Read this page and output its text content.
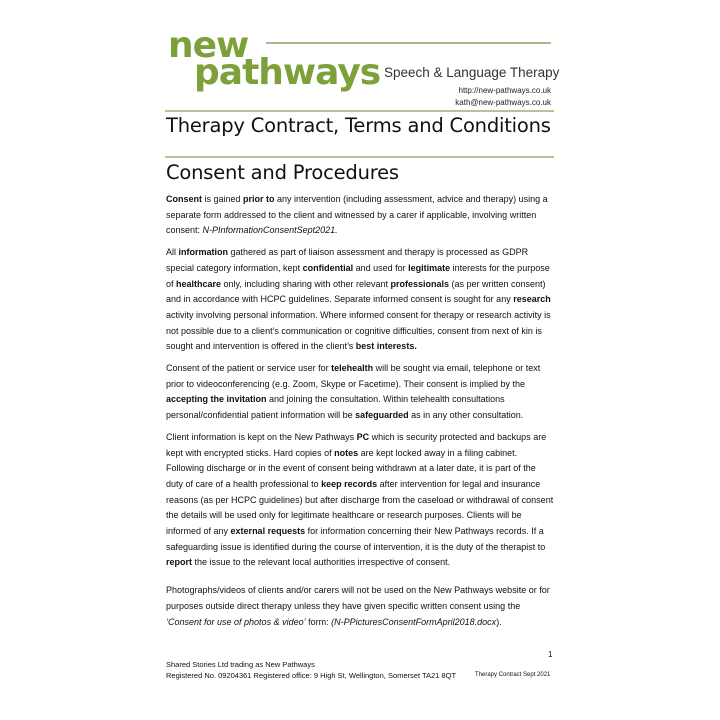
new
pathways Speech & Language Therapy
http://new-pathways.co.uk
kath@new-pathways.co.uk
Therapy Contract, Terms and Conditions
Consent and Procedures

Consent is gained prior to any intervention (including assessment, advice and therapy) using a separate form addressed to the client and witnessed by a carer if applicable, involving written consent: N-PInformationConsentSept2021.

All information gathered as part of liaison assessment and therapy is processed as GDPR special category information, kept confidential and used for legitimate interests for the purpose of healthcare only, including sharing with other relevant professionals (as per written consent) and in accordance with HCPC guidelines. Separate informed consent is sought for any research activity involving personal information. Where informed consent for therapy or research activity is not possible due to a client’s communication or cognitive difficulties, consent from next of kin is sought and intervention is offered in the client’s best interests.

Consent of the patient or service user for telehealth will be sought via email, telephone or text prior to videoconferencing (e.g. Zoom, Skype or Facetime). Their consent is implied by the accepting the invitation and joining the consultation. Within telehealth consultations personal/confidential patient information will be safeguarded as in any other consultation.

Client information is kept on the New Pathways PC which is security protected and backups are kept with encrypted sticks. Hard copies of notes are kept locked away in a filing cabinet. Following discharge or in the event of consent being withdrawn at a later date, it is part of the duty of care of a health professional to keep records after intervention for legal and insurance reasons (as per HCPC guidelines) but after discharge from the caseload or withdrawal of consent the details will be used only for legitimate healthcare or research purposes. Clients will be informed of any external requests for information concerning their New Pathways records. If a safeguarding issue is identified during the course of intervention, it is the duty of the therapist to report the issue to the relevant local authorities irrespective of consent.

Photographs/videos of clients and/or carers will not be used on the New Pathways website or for purposes outside direct therapy unless they have given specific written consent using the ‘Consent for use of photos & video’ form: (N-PPicturesConsentFormApril2018.docx).

1
Shared Stories Ltd trading as New Pathways
Registered No. 09204361 Registered office: 9 High St, Wellington, Somerset TA21 8QT	Therapy Contract Sept 2021
